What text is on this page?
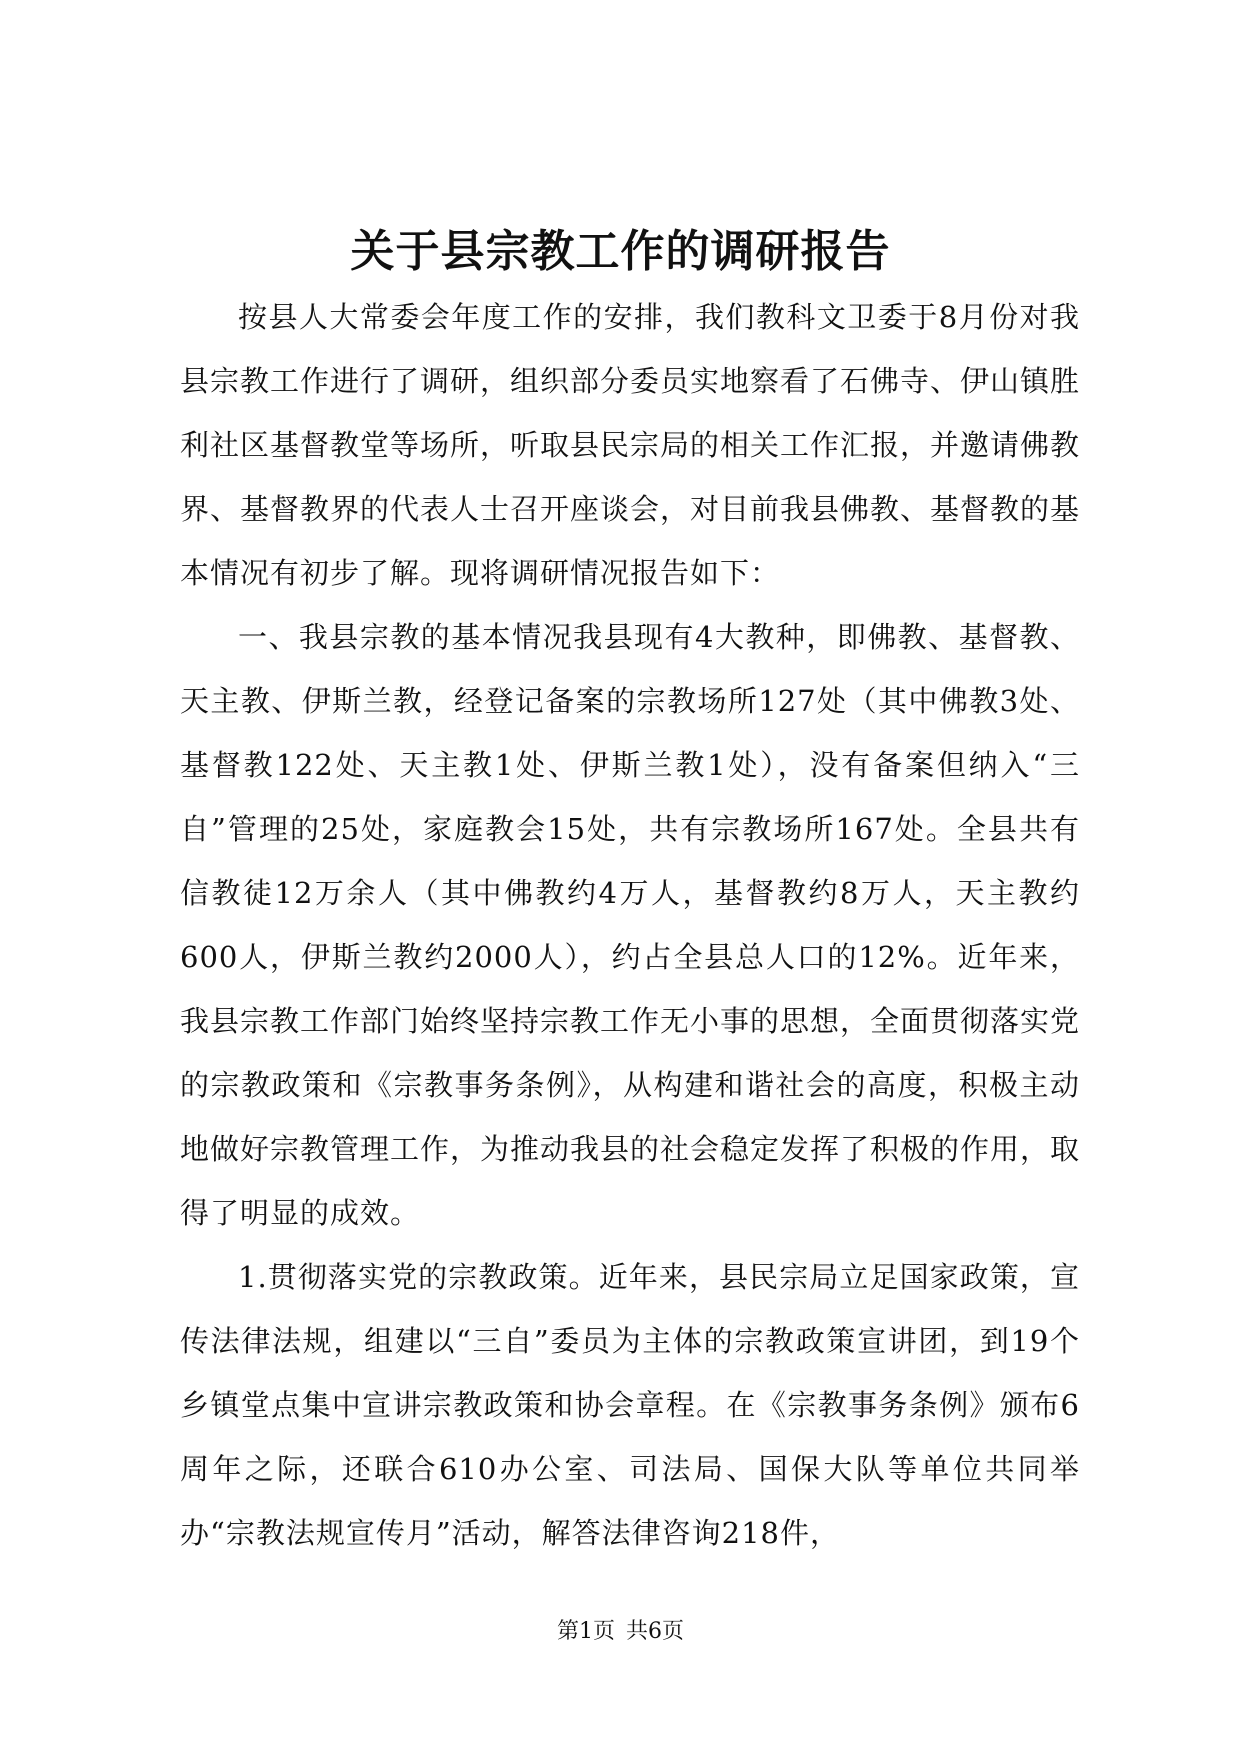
关于县宗教工作的调研报告

按县人大常委会年度工作的安排，我们教科文卫委于8月份对我县宗教工作进行了调研，组织部分委员实地察看了石佛寺、伊山镇胜利社区基督教堂等场所，听取县民宗局的相关工作汇报，并邀请佛教界、基督教界的代表人士召开座谈会，对目前我县佛教、基督教的基本情况有初步了解。现将调研情况报告如下：

一、我县宗教的基本情况我县现有4大教种，即佛教、基督教、天主教、伊斯兰教，经登记备案的宗教场所127处（其中佛教3处、基督教122处、天主教1处、伊斯兰教1处），没有备案但纳入“三自”管理的25处，家庭教会15处，共有宗教场所167处。全县共有信教徒12万余人（其中佛教约4万人，基督教约8万人，天主教约600人，伊斯兰教约2000人），约占全县总人口的12%。近年来，我县宗教工作部门始终坚持宗教工作无小事的思想，全面贯彻落实党的宗教政策和《宗教事务条例》，从构建和谐社会的高度，积极主动地做好宗教管理工作，为推动我县的社会稳定发挥了积极的作用，取得了明显的成效。

1.贯彻落实党的宗教政策。近年来，县民宗局立足国家政策，宣传法律法规，组建以“三自”委员为主体的宗教政策宣讲团，到19个乡镇堂点集中宣讲宗教政策和协会章程。在《宗教事务条例》颁布6周年之际，还联合610办公室、司法局、国保大队等单位共同举办“宗教法规宣传月”活动，解答法律咨询218件，

第1页 共6页
